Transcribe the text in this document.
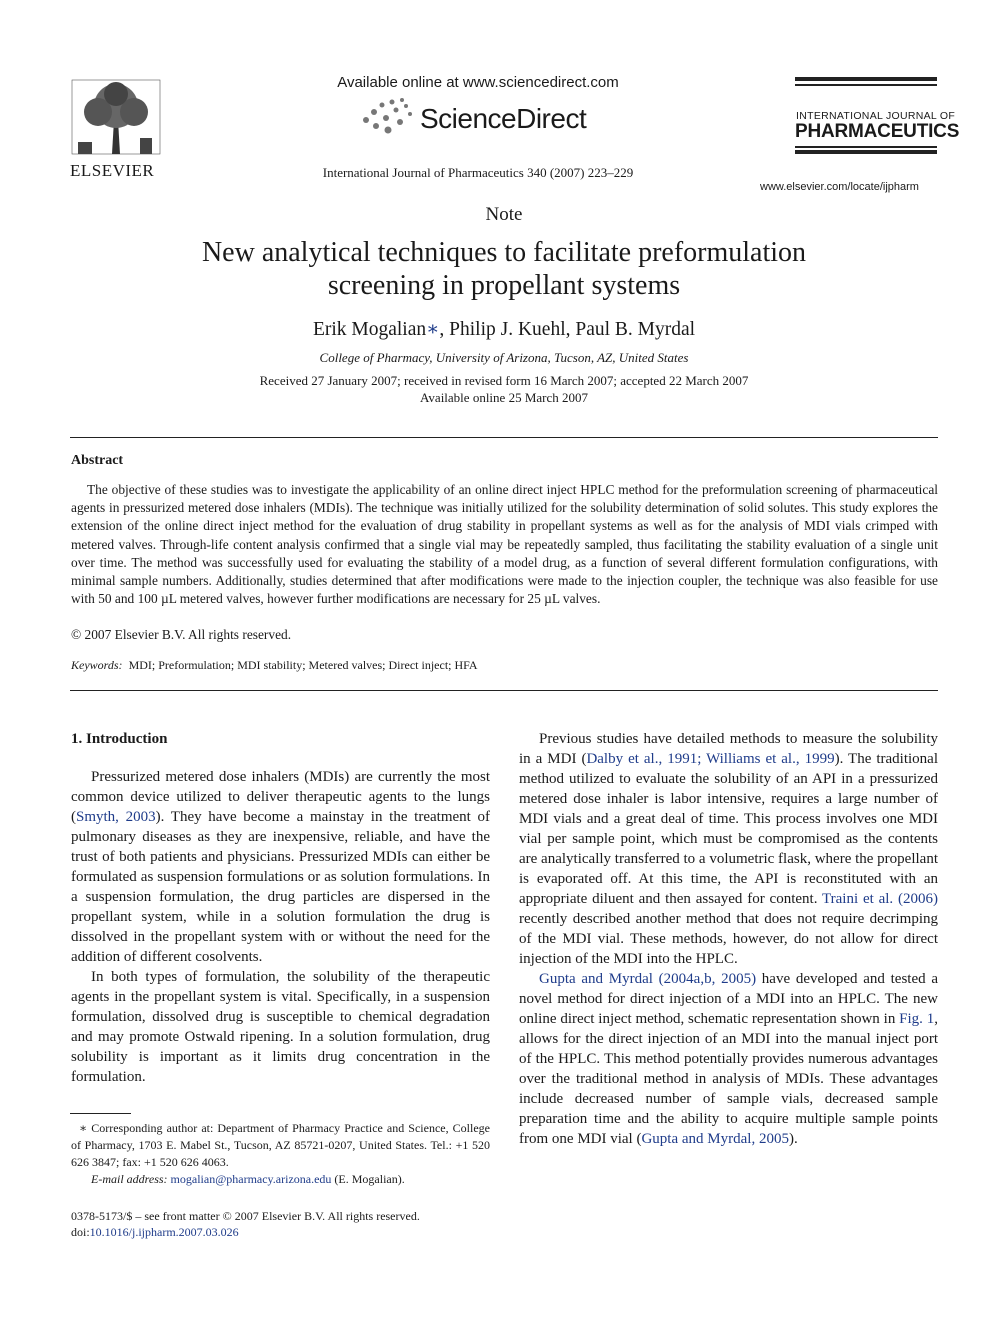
ELSEVIER
Available online at www.sciencedirect.com
ScienceDirect
International Journal of Pharmaceutics 340 (2007) 223–229
INTERNATIONAL JOURNAL OF
PHARMACEUTICS
www.elsevier.com/locate/ijpharm
Note
New analytical techniques to facilitate preformulation
screening in propellant systems
Erik Mogalian∗, Philip J. Kuehl, Paul B. Myrdal
College of Pharmacy, University of Arizona, Tucson, AZ, United States
Received 27 January 2007; received in revised form 16 March 2007; accepted 22 March 2007
Available online 25 March 2007
Abstract
The objective of these studies was to investigate the applicability of an online direct inject HPLC method for the preformulation screening of pharmaceutical agents in pressurized metered dose inhalers (MDIs). The technique was initially utilized for the solubility determination of solid solutes. This study explores the extension of the online direct inject method for the evaluation of drug stability in propellant systems as well as for the analysis of MDI vials crimped with metered valves. Through-life content analysis confirmed that a single vial may be repeatedly sampled, thus facilitating the stability evaluation of a single unit over time. The method was successfully used for evaluating the stability of a model drug, as a function of several different formulation configurations, with minimal sample numbers. Additionally, studies determined that after modifications were made to the injection coupler, the technique was also feasible for use with 50 and 100 µL metered valves, however further modifications are necessary for 25 µL valves.
© 2007 Elsevier B.V. All rights reserved.
Keywords: MDI; Preformulation; MDI stability; Metered valves; Direct inject; HFA
1. Introduction

Pressurized metered dose inhalers (MDIs) are currently the most common device utilized to deliver therapeutic agents to the lungs (Smyth, 2003). They have become a mainstay in the treatment of pulmonary diseases as they are inexpensive, reliable, and have the trust of both patients and physicians. Pressurized MDIs can either be formulated as suspension formulations or as solution formulations. In a suspension formulation, the drug particles are dispersed in the propellant system, while in a solution formulation the drug is dissolved in the propellant system with or without the need for the addition of different cosolvents.

In both types of formulation, the solubility of the therapeutic agents in the propellant system is vital. Specifically, in a suspension formulation, dissolved drug is susceptible to chemical degradation and may promote Ostwald ripening. In a solution formulation, drug solubility is important as it limits drug concentration in the formulation.

∗ Corresponding author at: Department of Pharmacy Practice and Science, College of Pharmacy, 1703 E. Mabel St., Tucson, AZ 85721-0207, United States. Tel.: +1 520 626 3847; fax: +1 520 626 4063.
E-mail address: mogalian@pharmacy.arizona.edu (E. Mogalian).
0378-5173/$ – see front matter © 2007 Elsevier B.V. All rights reserved.
doi:10.1016/j.ijpharm.2007.03.026

Previous studies have detailed methods to measure the solubility in a MDI (Dalby et al., 1991; Williams et al., 1999). The traditional method utilized to evaluate the solubility of an API in a pressurized metered dose inhaler is labor intensive, requires a large number of MDI vials and a great deal of time. This process involves one MDI vial per sample point, which must be compromised as the contents are analytically transferred to a volumetric flask, where the propellant is evaporated off. At this time, the API is reconstituted with an appropriate diluent and then assayed for content. Traini et al. (2006) recently described another method that does not require decrimping of the MDI vial. These methods, however, do not allow for direct injection of the MDI into the HPLC.

Gupta and Myrdal (2004a,b, 2005) have developed and tested a novel method for direct injection of a MDI into an HPLC. The new online direct inject method, schematic representation shown in Fig. 1, allows for the direct injection of an MDI into the manual inject port of the HPLC. This method potentially provides numerous advantages over the traditional method in analysis of MDIs. These advantages include decreased number of sample vials, decreased sample preparation time and the ability to acquire multiple sample points from one MDI vial (Gupta and Myrdal, 2005).
